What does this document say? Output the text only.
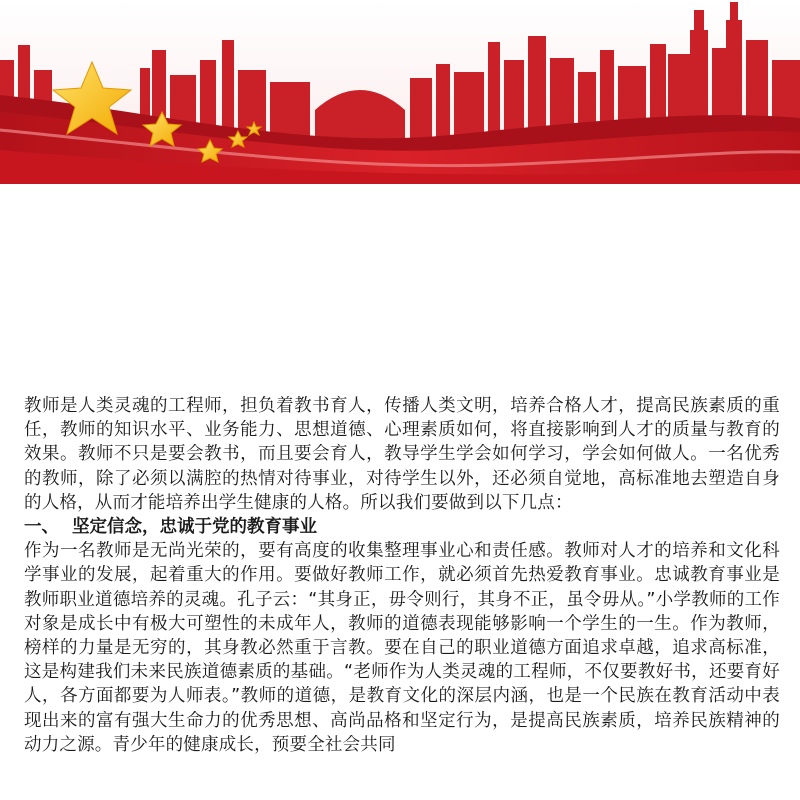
教师是人类灵魂的工程师，担负着教书育人，传播人类文明，培养合格人才，提高民族素质的重任，教师的知识水平、业务能力、思想道德、心理素质如何，将直接影响到人才的质量与教育的效果。教师不只是要会教书，而且要会育人，教导学生学会如何学习，学会如何做人。一名优秀的教师，除了必须以满腔的热情对待事业，对待学生以外，还必须自觉地，高标准地去塑造自身的人格，从而才能培养出学生健康的人格。所以我们要做到以下几点：

一、 坚定信念，忠诚于党的教育事业

作为一名教师是无尚光荣的，要有高度的收集整理事业心和责任感。教师对人才的培养和文化科学事业的发展，起着重大的作用。要做好教师工作，就必须首先热爱教育事业。忠诚教育事业是教师职业道德培养的灵魂。孔子云：“其身正，毋令则行，其身不正，虽令毋从。”小学教师的工作对象是成长中有极大可塑性的未成年人，教师的道德表现能够影响一个学生的一生。作为教师，榜样的力量是无穷的，其身教必然重于言教。要在自己的职业道德方面追求卓越，追求高标准，这是构建我们未来民族道德素质的基础。“老师作为人类灵魂的工程师，不仅要教好书，还要育好人，各方面都要为人师表。”教师的道德，是教育文化的深层内涵，也是一个民族在教育活动中表现出来的富有强大生命力的优秀思想、高尚品格和坚定行为，是提高民族素质，培养民族精神的动力之源。青少年的健康成长，预要全社会共同
